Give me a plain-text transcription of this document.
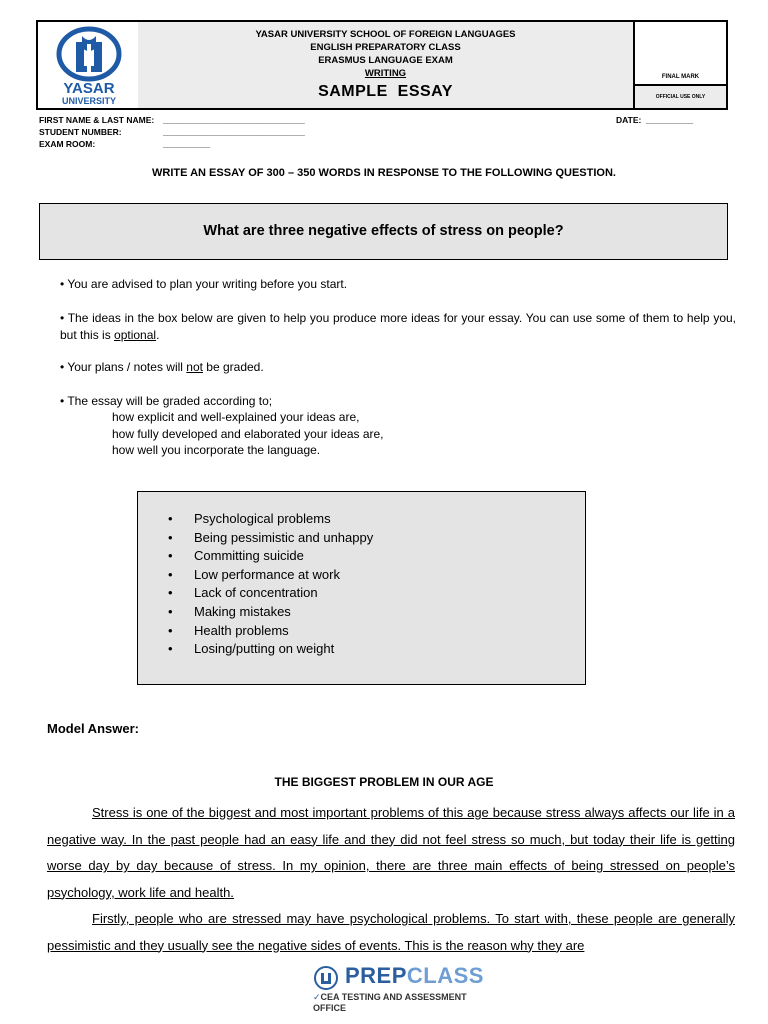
YASAR
UNIVERSITY
YASAR UNIVERSITY SCHOOL OF FOREIGN LANGUAGES
ENGLISH PREPARATORY CLASS
ERASMUS LANGUAGE EXAM
WRITING
SAMPLE  ESSAY
FINAL MARK
OFFICIAL USE ONLY
FIRST NAME & LAST NAME:
STUDENT NUMBER:
EXAM ROOM:
______________________________
______________________________
__________
DATE: __________
WRITE AN ESSAY OF 300 – 350 WORDS IN RESPONSE TO THE FOLLOWING QUESTION.
What are three negative effects of stress on people?
• You are advised to plan your writing before you start.
• The ideas in the box below are given to help you produce more ideas for your essay. You can use some of them to help you, but this is optional.
• Your plans / notes will not be graded.
• The essay will be graded according to;
how explicit and well-explained your ideas are,
how fully developed and elaborated your ideas are,
how well you incorporate the language.
• Psychological problems
• Being pessimistic and unhappy
• Committing suicide
• Low performance at work
• Lack of concentration
• Making mistakes
• Health problems
• Losing/putting on weight
Model Answer:
THE BIGGEST PROBLEM IN OUR AGE

Stress is one of the biggest and most important problems of this age because stress always affects our life in a negative way. In the past people had an easy life and they did not feel stress so much, but today their life is getting worse day by day because of stress. In my opinion, there are three main effects of being stressed on people’s psychology, work life and health.

Firstly, people who are stressed may have psychological problems. To start with, these people are generally pessimistic and they usually see the negative sides of events. This is the reason why they are

PREPCLASS
✓CEA TESTING AND ASSESSMENT OFFICE
